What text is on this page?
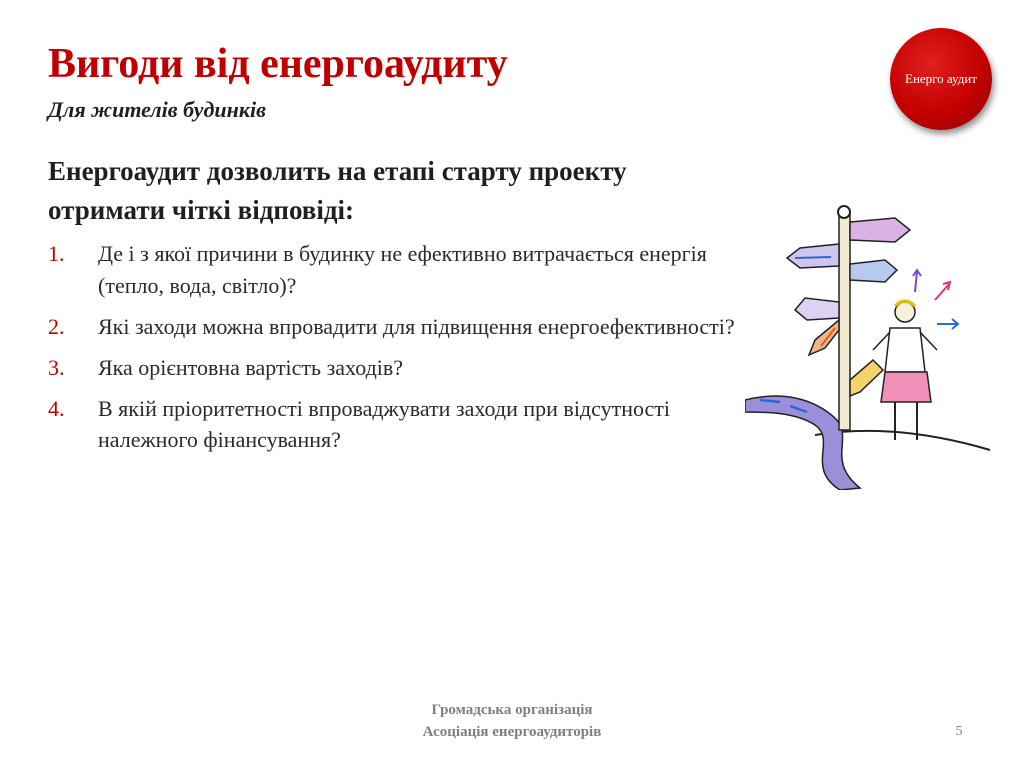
Вигоди від енергоаудиту
Для жителів будинків
Енерго аудит

Енергоаудит дозволить на етапі старту проекту отримати чіткі відповіді:

1.	Де і з якої причини в будинку не ефективно витрачається енергія (тепло, вода, світло)?
2.	Які заходи можна впровадити для підвищення енергоефективності?
3.	Яка орієнтовна вартість заходів?
4.	В якій пріоритетності впроваджувати заходи при відсутності належного фінансування?
Громадська організація
Асоціація енергоаудиторів	5
